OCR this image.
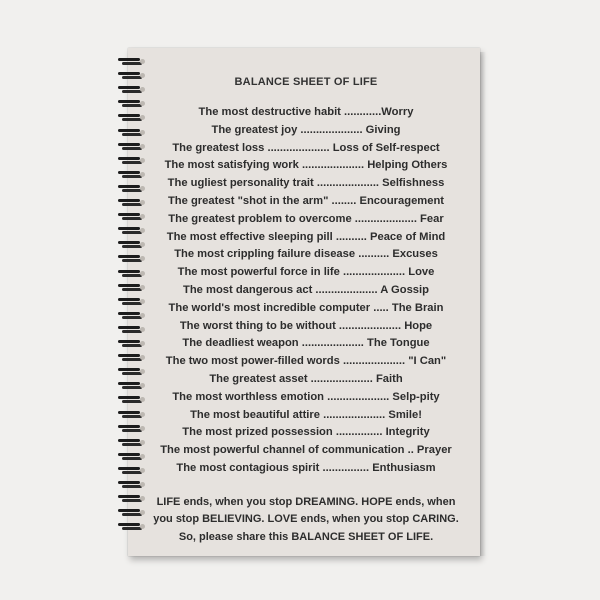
BALANCE SHEET OF LIFE
The most destructive habit ............Worry
The greatest joy .................... Giving
The greatest loss .................... Loss of Self-respect
The most satisfying work .................... Helping Others
The ugliest personality trait .................... Selfishness
The greatest "shot in the arm" ........ Encouragement
The greatest problem to overcome .................... Fear
The most effective sleeping pill .......... Peace of Mind
The most crippling failure disease .......... Excuses
The most powerful force in life .................... Love
The most dangerous act .................... A Gossip
The world's most incredible computer ..... The Brain
The worst thing to be without .................... Hope
The deadliest weapon .................... The Tongue
The two most power-filled words .................... "I Can"
The greatest asset .................... Faith
The most worthless emotion .................... Selp-pity
The most beautiful attire .................... Smile!
The most prized possession ............... Integrity
The most powerful channel of communication .. Prayer
The most contagious spirit ............... Enthusiasm
LIFE ends, when you stop DREAMING. HOPE ends, when
you stop BELIEVING. LOVE ends, when you stop CARING.
So, please share this BALANCE SHEET OF LIFE.
